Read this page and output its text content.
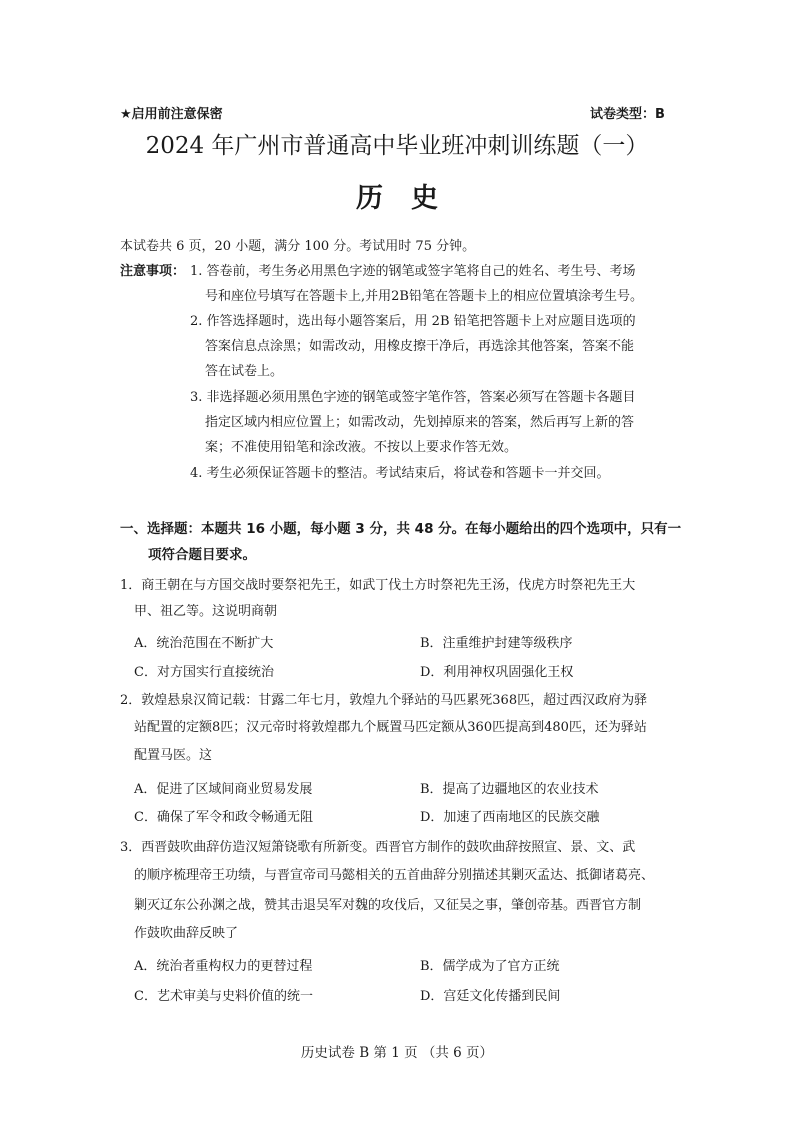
★启用前注意保密	试卷类型：B
2024 年广州市普通高中毕业班冲刺训练题（一）
历史
本试卷共 6 页，20 小题，满分 100 分。考试用时 75 分钟。
注意事项： 1. 答卷前，考生务必用黑色字迹的钢笔或签字笔将自己的姓名、考生号、考场
号和座位号填写在答题卡上,并用2B铅笔在答题卡上的相应位置填涂考生号。
2. 作答选择题时，选出每小题答案后，用 2B 铅笔把答题卡上对应题目选项的
答案信息点涂黑；如需改动，用橡皮擦干净后，再选涂其他答案，答案不能
答在试卷上。
3. 非选择题必须用黑色字迹的钢笔或签字笔作答，答案必须写在答题卡各题目
指定区域内相应位置上；如需改动，先划掉原来的答案，然后再写上新的答
案；不准使用铅笔和涂改液。不按以上要求作答无效。
4. 考生必须保证答题卡的整洁。考试结束后，将试卷和答题卡一并交回。
一、选择题：本题共 16 小题，每小题 3 分，共 48 分。在每小题给出的四个选项中，只有一
项符合题目要求。
1．商王朝在与方国交战时要祭祀先王，如武丁伐土方时祭祀先王汤，伐虎方时祭祀先王大
甲、祖乙等。这说明商朝
A．统治范围在不断扩大	B．注重维护封建等级秩序
C．对方国实行直接统治	D．利用神权巩固强化王权
2．敦煌悬泉汉简记载：甘露二年七月，敦煌九个驿站的马匹累死368匹，超过西汉政府为驿
站配置的定额8匹；汉元帝时将敦煌郡九个厩置马匹定额从360匹提高到480匹，还为驿站
配置马医。这
A．促进了区域间商业贸易发展	B．提高了边疆地区的农业技术
C．确保了军令和政令畅通无阻	D．加速了西南地区的民族交融
3．西晋鼓吹曲辞仿造汉短箫铙歌有所新变。西晋官方制作的鼓吹曲辞按照宣、景、文、武
的顺序梳理帝王功绩，与晋宣帝司马懿相关的五首曲辞分别描述其剿灭孟达、抵御诸葛亮、
剿灭辽东公孙渊之战，赞其击退吴军对魏的攻伐后，又征吴之事，肇创帝基。西晋官方制
作鼓吹曲辞反映了
A．统治者重构权力的更替过程	B．儒学成为了官方正统
C．艺术审美与史料价值的统一	D．宫廷文化传播到民间
历史试卷 B 第 1 页 （共 6 页）
